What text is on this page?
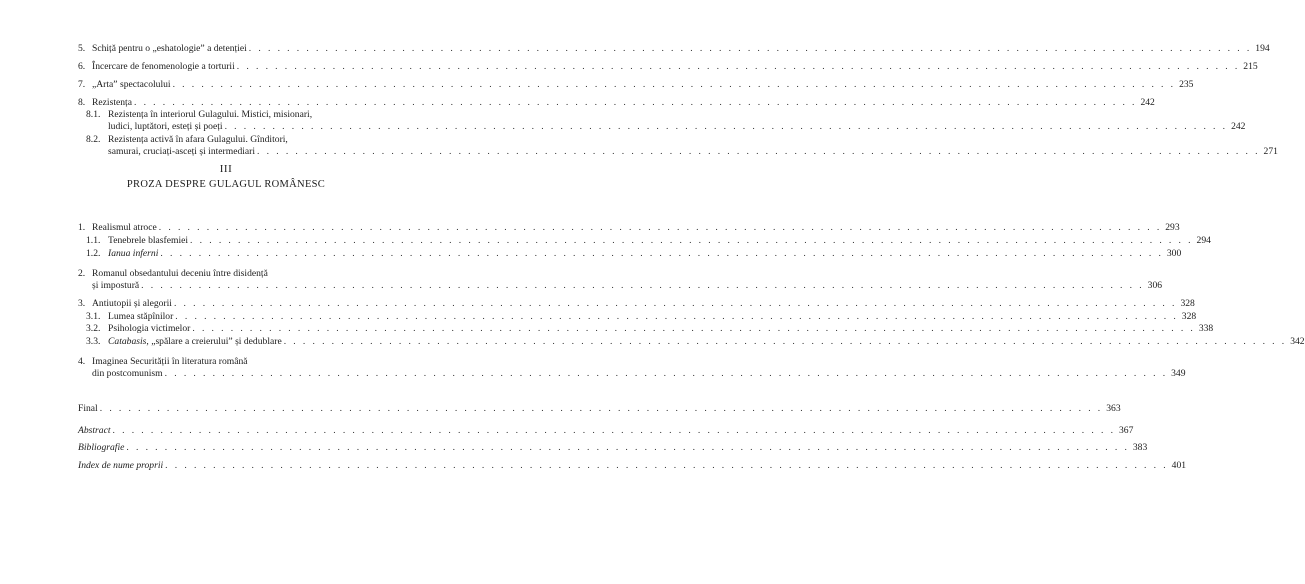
5. Schiță pentru o „eshatologie” a detenției . . . . . . . . . . . . . . . . . . . . . . . . . . . . . . . . . . . . . . . . . . . . . . . . . . . . . . . . . . . . . . . . . . . . . . . . . . . . . . . . . . . . . . . . . . . . . . . . . . . . . . . . . 194
6. Încercare de fenomenologie a torturii . . . . . . . . . . . . . . . . . . . . . . . . . . . . . . . . . . . . . . . . . . . . . . . . . . . . . . . . . . . . . . . . . . . . . . . . . . . . . . . . . . . . . . . . . . . . . . . . . . . . . . . . . 215
7. „Arta” spectacolului . . . . . . . . . . . . . . . . . . . . . . . . . . . . . . . . . . . . . . . . . . . . . . . . . . . . . . . . . . . . . . . . . . . . . . . . . . . . . . . . . . . . . . . . . . . . . . . . . . . . . . . . . 235
8. Rezistența . . . . . . . . . . . . . . . . . . . . . . . . . . . . . . . . . . . . . . . . . . . . . . . . . . . . . . . . . . . . . . . . . . . . . . . . . . . . . . . . . . . . . . . . . . . . . . . . . . . . . . . . . 242
8.1. Rezistența în interiorul Gulagului. Mistici, misionari,
ludici, luptători, esteți și poeți . . . . . . . . . . . . . . . . . . . . . . . . . . . . . . . . . . . . . . . . . . . . . . . . . . . . . . . . . . . . . . . . . . . . . . . . . . . . . . . . . . . . . . . . . . . . . . . . . . . . . . . . . 242
8.2. Rezistența activă în afara Gulagului. Gînditori,
samurai, cruciați-asceți și intermediari . . . . . . . . . . . . . . . . . . . . . . . . . . . . . . . . . . . . . . . . . . . . . . . . . . . . . . . . . . . . . . . . . . . . . . . . . . . . . . . . . . . . . . . . . . . . . . . . . . . . . . . . . 271
III
PROZA DESPRE GULAGUL ROMÂNESC
1. Realismul atroce . . . . . . . . . . . . . . . . . . . . . . . . . . . . . . . . . . . . . . . . . . . . . . . . . . . . . . . . . . . . . . . . . . . . . . . . . . . . . . . . . . . . . . . . . . . . . . . . . . . . . . . . . 293
1.1. Tenebrele blasfemiei . . . . . . . . . . . . . . . . . . . . . . . . . . . . . . . . . . . . . . . . . . . . . . . . . . . . . . . . . . . . . . . . . . . . . . . . . . . . . . . . . . . . . . . . . . . . . . . . . . . . . . . . . 294
1.2. Ianua inferni . . . . . . . . . . . . . . . . . . . . . . . . . . . . . . . . . . . . . . . . . . . . . . . . . . . . . . . . . . . . . . . . . . . . . . . . . . . . . . . . . . . . . . . . . . . . . . . . . . . . . . . . . 300
2. Romanul obsedantului deceniu între disidență
și impostură . . . . . . . . . . . . . . . . . . . . . . . . . . . . . . . . . . . . . . . . . . . . . . . . . . . . . . . . . . . . . . . . . . . . . . . . . . . . . . . . . . . . . . . . . . . . . . . . . . . . . . . . . 306
3. Antiutopii și alegorii . . . . . . . . . . . . . . . . . . . . . . . . . . . . . . . . . . . . . . . . . . . . . . . . . . . . . . . . . . . . . . . . . . . . . . . . . . . . . . . . . . . . . . . . . . . . . . . . . . . . . . . . . 328
3.1. Lumea stăpînilor . . . . . . . . . . . . . . . . . . . . . . . . . . . . . . . . . . . . . . . . . . . . . . . . . . . . . . . . . . . . . . . . . . . . . . . . . . . . . . . . . . . . . . . . . . . . . . . . . . . . . . . . . 328
3.2. Psihologia victimelor . . . . . . . . . . . . . . . . . . . . . . . . . . . . . . . . . . . . . . . . . . . . . . . . . . . . . . . . . . . . . . . . . . . . . . . . . . . . . . . . . . . . . . . . . . . . . . . . . . . . . . . . . 338
3.3. Catabasis, „spălare a creierului” și dedublare . . . . . . . . . . . . . . . . . . . . . . . . . . . . . . . . . . . . . . . . . . . . . . . . . . . . . . . . . . . . . . . . . . . . . . . . . . . . . . . . . . . . . . . . . . . . . . . . . . . . . . . . . 342
4. Imaginea Securității în literatura română
din postcomunism . . . . . . . . . . . . . . . . . . . . . . . . . . . . . . . . . . . . . . . . . . . . . . . . . . . . . . . . . . . . . . . . . . . . . . . . . . . . . . . . . . . . . . . . . . . . . . . . . . . . . . . . . 349
Final . . . . . . . . . . . . . . . . . . . . . . . . . . . . . . . . . . . . . . . . . . . . . . . . . . . . . . . . . . . . . . . . . . . . . . . . . . . . . . . . . . . . . . . . . . . . . . . . . . . . . . . . . 363
Abstract . . . . . . . . . . . . . . . . . . . . . . . . . . . . . . . . . . . . . . . . . . . . . . . . . . . . . . . . . . . . . . . . . . . . . . . . . . . . . . . . . . . . . . . . . . . . . . . . . . . . . . . . . 367
Bibliografie . . . . . . . . . . . . . . . . . . . . . . . . . . . . . . . . . . . . . . . . . . . . . . . . . . . . . . . . . . . . . . . . . . . . . . . . . . . . . . . . . . . . . . . . . . . . . . . . . . . . . . . . . 383
Index de nume proprii . . . . . . . . . . . . . . . . . . . . . . . . . . . . . . . . . . . . . . . . . . . . . . . . . . . . . . . . . . . . . . . . . . . . . . . . . . . . . . . . . . . . . . . . . . . . . . . . . . . . . . . . . 401
